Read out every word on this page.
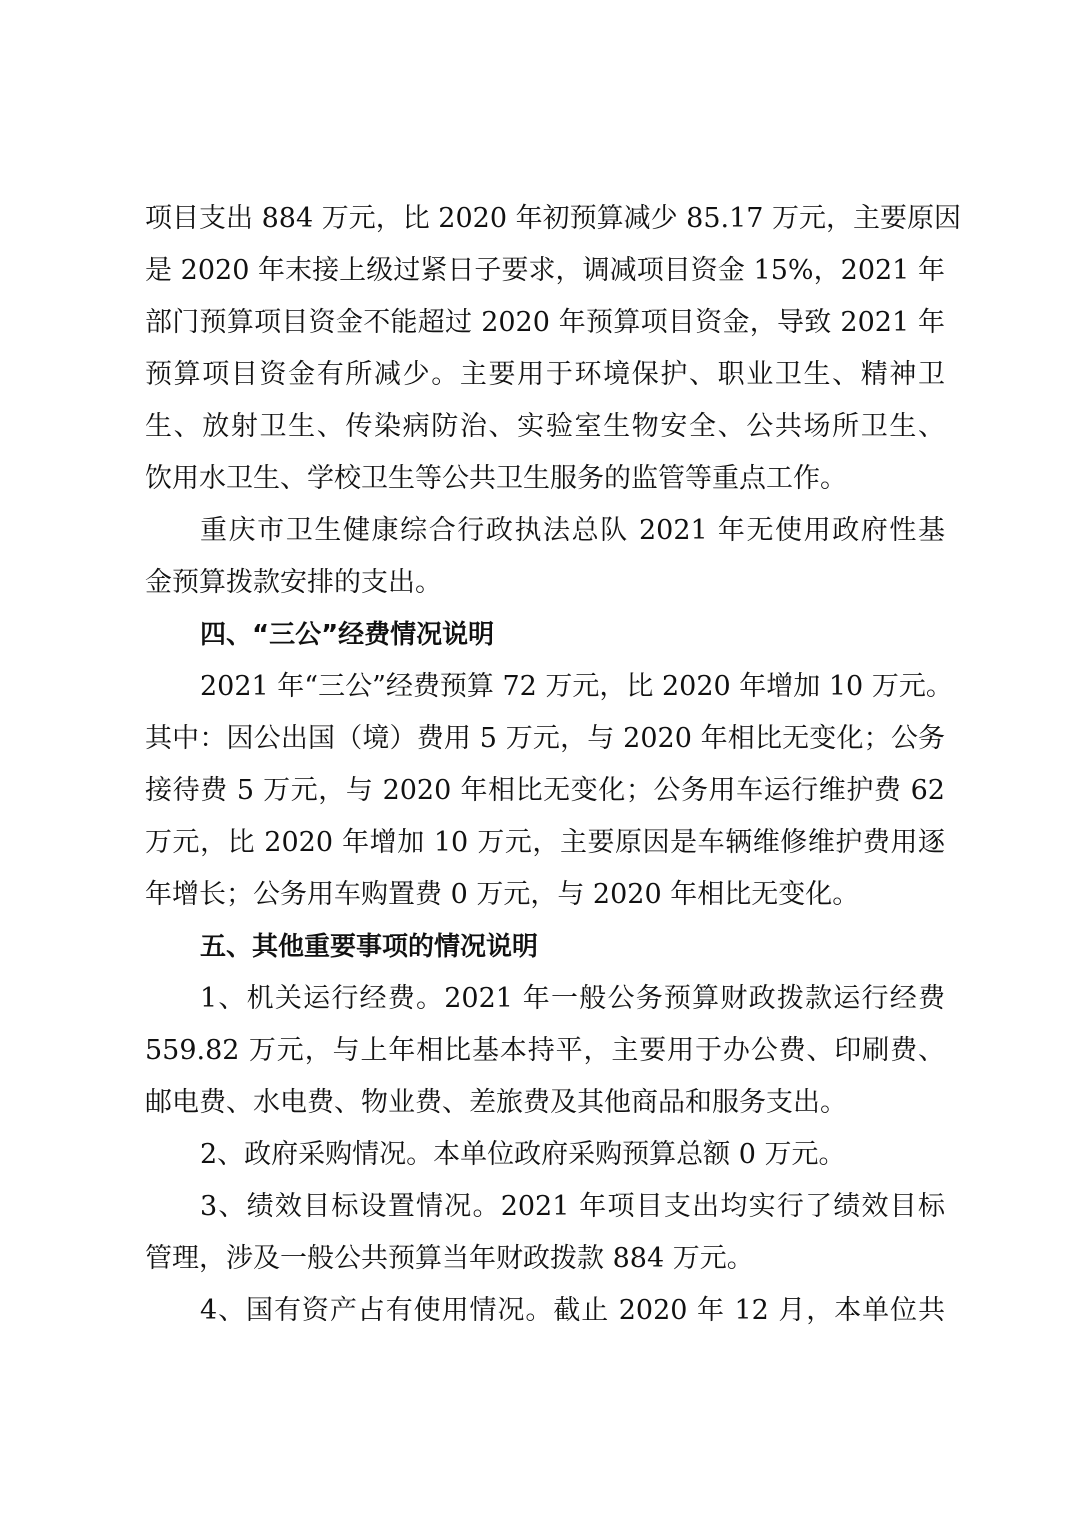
项目支出 884 万元，比 2020 年初预算减少 85.17 万元，主要原因
是 2020 年末接上级过紧日子要求，调减项目资金 15%，2021 年
部门预算项目资金不能超过 2020 年预算项目资金，导致 2021 年
预算项目资金有所减少。主要用于环境保护、职业卫生、精神卫
生、放射卫生、传染病防治、实验室生物安全、公共场所卫生、
饮用水卫生、学校卫生等公共卫生服务的监管等重点工作。
重庆市卫生健康综合行政执法总队 2021 年无使用政府性基
金预算拨款安排的支出。
四、“三公”经费情况说明
2021 年“三公”经费预算 72 万元，比 2020 年增加 10 万元。
其中：因公出国（境）费用 5 万元，与 2020 年相比无变化；公务
接待费 5 万元，与 2020 年相比无变化；公务用车运行维护费 62
万元，比 2020 年增加 10 万元，主要原因是车辆维修维护费用逐
年增长；公务用车购置费 0 万元，与 2020 年相比无变化。
五、其他重要事项的情况说明
1、机关运行经费。2021 年一般公务预算财政拨款运行经费
559.82 万元，与上年相比基本持平，主要用于办公费、印刷费、
邮电费、水电费、物业费、差旅费及其他商品和服务支出。
2、政府采购情况。本单位政府采购预算总额 0 万元。
3、绩效目标设置情况。2021 年项目支出均实行了绩效目标
管理，涉及一般公共预算当年财政拨款 884 万元。
4、国有资产占有使用情况。截止 2020 年 12 月，本单位共
